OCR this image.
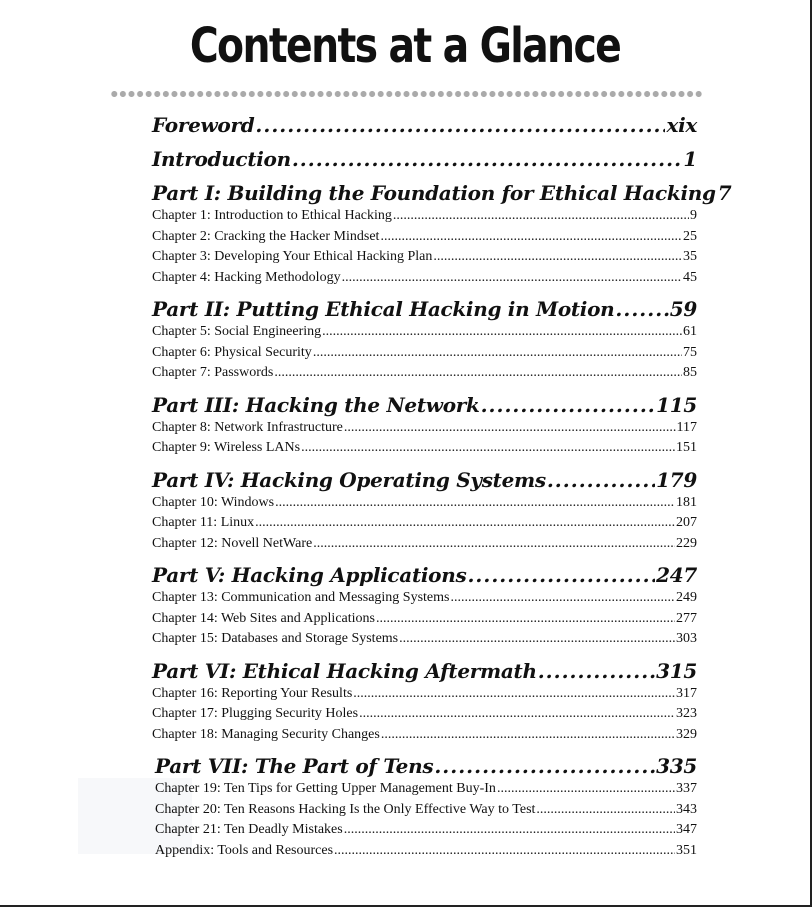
Contents at a Glance
Foreword .....	xix
Introduction .....	1
Part I: Building the Foundation for Ethical Hacking 7
Chapter 1: Introduction to Ethical Hacking .....	9
Chapter 2: Cracking the Hacker Mindset .....	25
Chapter 3: Developing Your Ethical Hacking Plan .....	35
Chapter 4: Hacking Methodology .....	45
Part II: Putting Ethical Hacking in Motion .....	59
Chapter 5: Social Engineering .....	61
Chapter 6: Physical Security .....	75
Chapter 7: Passwords .....	85
Part III: Hacking the Network .....	115
Chapter 8: Network Infrastructure .....	117
Chapter 9: Wireless LANs .....	151
Part IV: Hacking Operating Systems .....	179
Chapter 10: Windows .....	181
Chapter 11: Linux .....	207
Chapter 12: Novell NetWare .....	229
Part V: Hacking Applications .....	247
Chapter 13: Communication and Messaging Systems .....	249
Chapter 14: Web Sites and Applications .....	277
Chapter 15: Databases and Storage Systems .....	303
Part VI: Ethical Hacking Aftermath .....	315
Chapter 16: Reporting Your Results .....	317
Chapter 17: Plugging Security Holes .....	323
Chapter 18: Managing Security Changes .....	329
Part VII: The Part of Tens .....	335
Chapter 19: Ten Tips for Getting Upper Management Buy-In .....	337
Chapter 20: Ten Reasons Hacking Is the Only Effective Way to Test .....	343
Chapter 21: Ten Deadly Mistakes .....	347
Appendix: Tools and Resources .....	351
